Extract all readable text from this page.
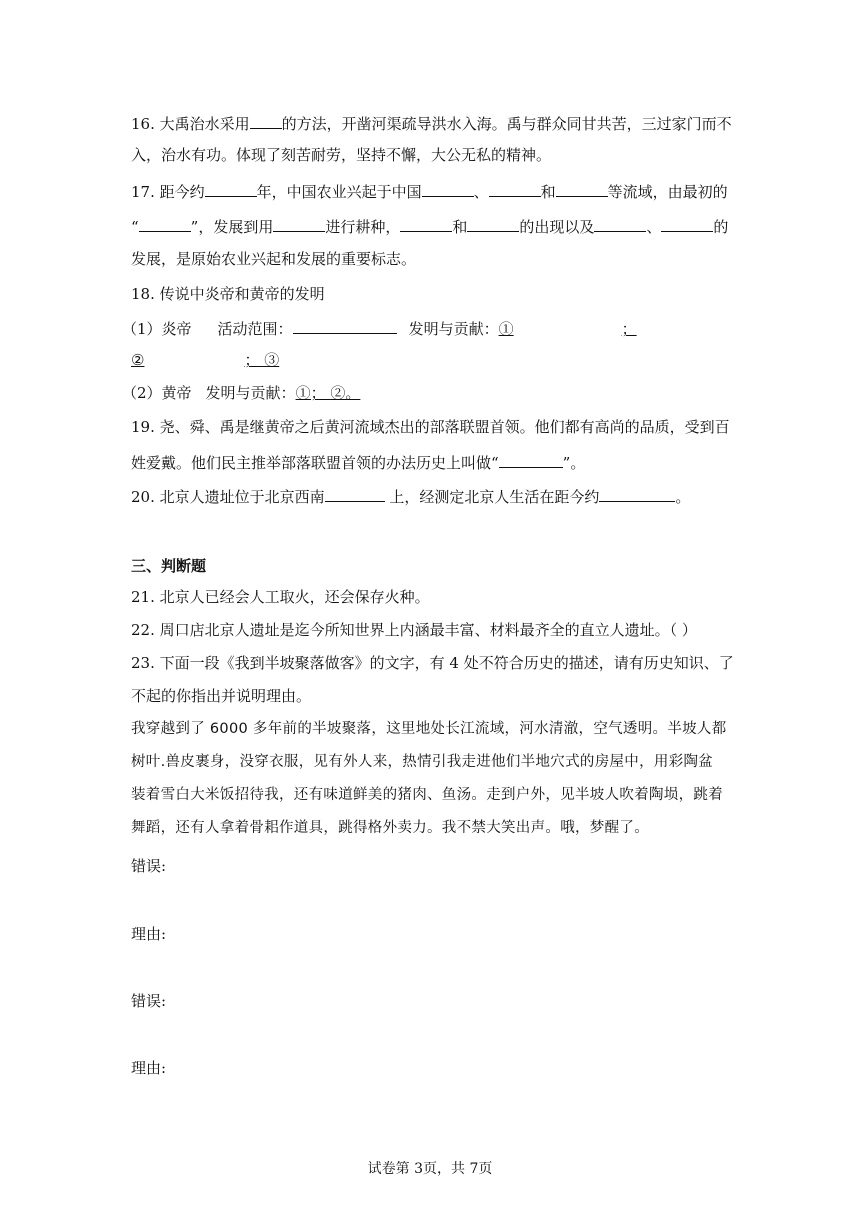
16. 大禹治水采用 的方法，开凿河渠疏导洪水入海。禹与群众同甘共苦，三过家门而不
入，治水有功。体现了刻苦耐劳，坚持不懈，大公无私的精神。
17. 距今约	年，中国农业兴起于中国	、	和	等流域，由最初的
“	”，发展到用	进行耕种，	和	的出现以及	、	的
发展，是原始农业兴起和发展的重要标志。
18. 传说中炎帝和黄帝的发明
（1）炎帝 活动范围：	发明与贡献：①	；
②	； ③
（2）黄帝 发明与贡献：①； ②。
19. 尧、舜、禹是继黄帝之后黄河流域杰出的部落联盟首领。他们都有高尚的品质，受到百
姓爱戴。他们民主推举部落联盟首领的办法历史上叫做“	”。
20. 北京人遗址位于北京西南	上，经测定北京人生活在距今约	。
三、判断题
21. 北京人已经会人工取火，还会保存火种。
22. 周口店北京人遗址是迄今所知世界上内涵最丰富、材料最齐全的直立人遗址。（ ）
23. 下面一段《我到半坡聚落做客》的文字，有 4 处不符合历史的描述，请有历史知识、了
不起的你指出并说明理由。
我穿越到了 6000 多年前的半坡聚落，这里地处长江流域，河水清澈，空气透明。半坡人都
树叶.兽皮裹身，没穿衣服，见有外人来，热情引我走进他们半地穴式的房屋中，用彩陶盆
装着雪白大米饭招待我，还有味道鲜美的猪肉、鱼汤。走到户外，见半坡人吹着陶埙，跳着
舞蹈，还有人拿着骨耜作道具，跳得格外卖力。我不禁大笑出声。哦，梦醒了。
错误:
理由:
错误:
理由:
试卷第 3页，共 7页
